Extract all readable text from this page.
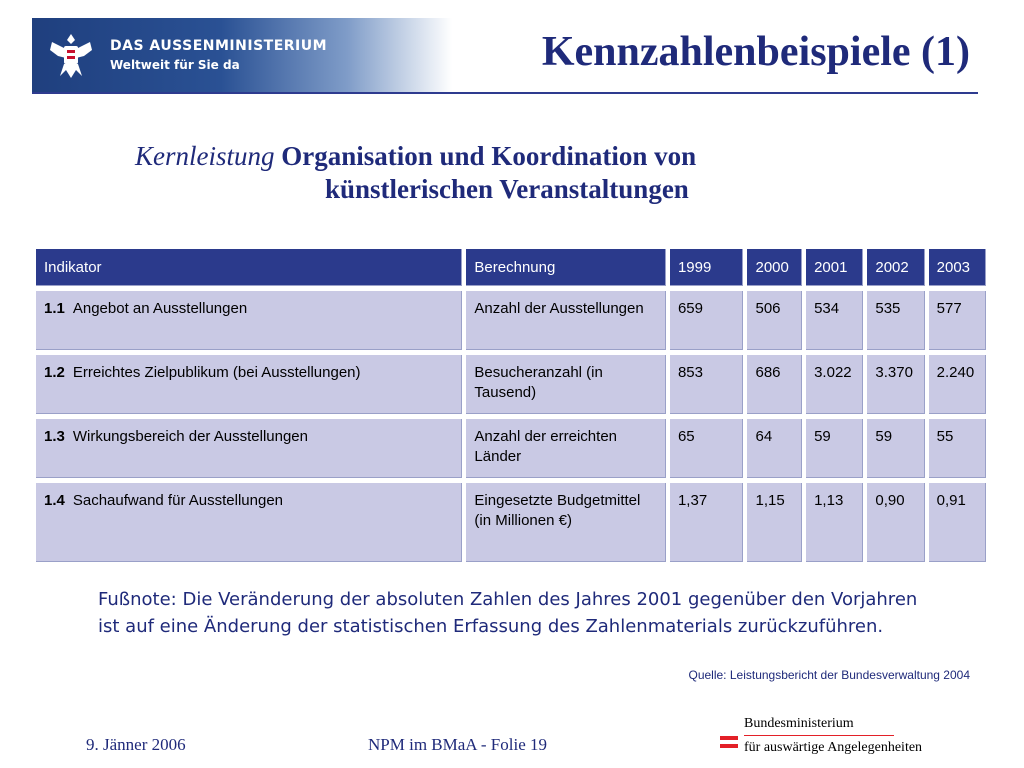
DAS AUSSENMINISTERIUM
Weltweit für Sie da	Kennzahlenbeispiele (1)
Kernleistung Organisation und Koordination von
künstlerischen Veranstaltungen
Indikator	Berechnung	1999	2000	2001	2002	2003
1.1 Angebot an Ausstellungen	Anzahl der Ausstellungen	659	506	534	535	577
1.2 Erreichtes Zielpublikum (bei Ausstellungen)	Besucheranzahl (in Tausend)	853	686	3.022	3.370	2.240
1.3 Wirkungsbereich der Ausstellungen	Anzahl der erreichten Länder	65	64	59	59	55
1.4 Sachaufwand für Ausstellungen	Eingesetzte Budgetmittel (in Millionen €)	1,37	1,15	1,13	0,90	0,91
Fußnote: Die Veränderung der absoluten Zahlen des Jahres 2001 gegenüber den Vorjahren ist auf eine Änderung der statistischen Erfassung des Zahlenmaterials zurückzuführen.
Quelle: Leistungsbericht der Bundesverwaltung 2004
9. Jänner 2006	NPM im BMaA - Folie 19
Bundesministerium
für auswärtige Angelegenheiten
